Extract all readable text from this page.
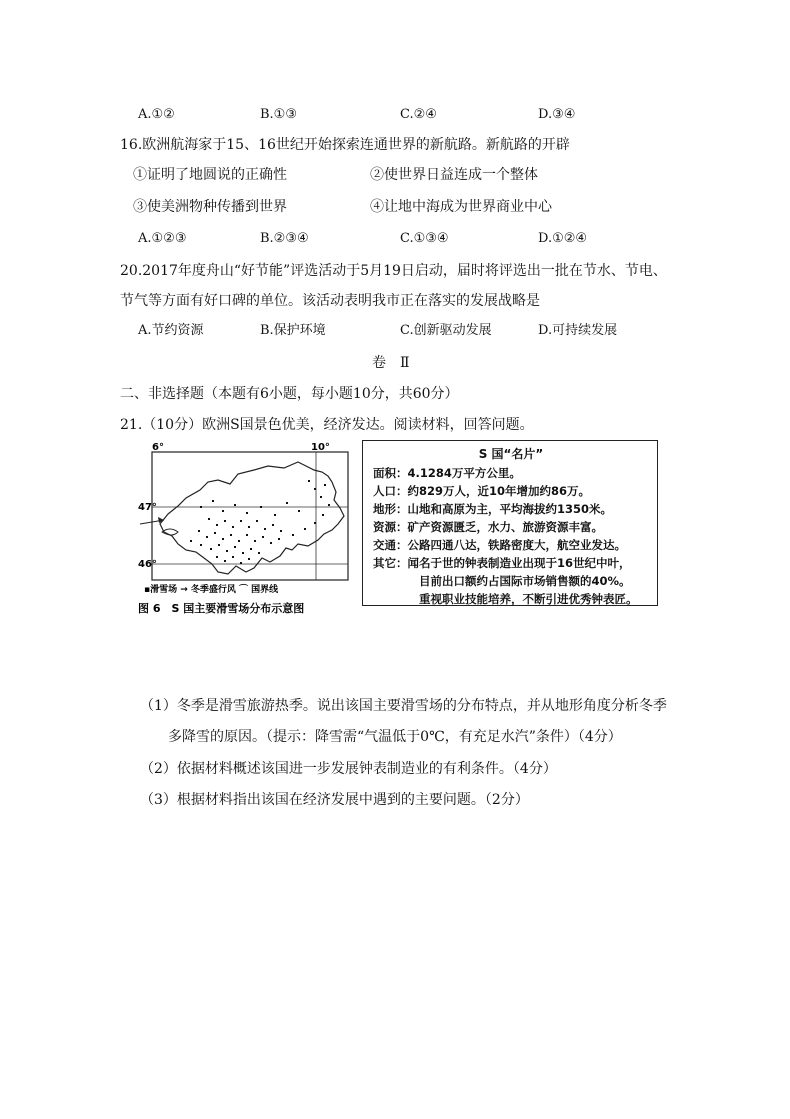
A.①②	B.①③	C.②④	D.③④
16.欧洲航海家于15、16世纪开始探索连通世界的新航路。新航路的开辟
①证明了地圆说的正确性	②使世界日益连成一个整体
③使美洲物种传播到世界	④让地中海成为世界商业中心
A.①②③	B.②③④	C.①③④	D.①②④
20.2017年度舟山“好节能”评选活动于5月19日启动，届时将评选出一批在节水、节电、
节气等方面有好口碑的单位。该活动表明我市正在落实的发展战略是
A.节约资源	B.保护环境	C.创新驱动发展	D.可持续发展
卷　Ⅱ
二、非选择题（本题有6小题，每小题10分，共60分）
21.（10分）欧洲S国景色优美，经济发达。阅读材料，回答问题。
6°	10°
47°
46°
▪滑雪场 → 冬季盛行风 ⌒ 国界线
图 6　S 国主要滑雪场分布示意图
S 国“名片”
面积：4.1284万平方公里。
人口：约829万人，近10年增加约86万。
地形：山地和高原为主，平均海拔约1350米。
资源：矿产资源匮乏，水力、旅游资源丰富。
交通：公路四通八达，铁路密度大，航空业发达。
其它：闻名于世的钟表制造业出现于16世纪中叶，
目前出口额约占国际市场销售额的40%。
重视职业技能培养，不断引进优秀钟表匠。
（1）冬季是滑雪旅游热季。说出该国主要滑雪场的分布特点，并从地形角度分析冬季
多降雪的原因。（提示：降雪需“气温低于0℃，有充足水汽”条件）（4分）
（2）依据材料概述该国进一步发展钟表制造业的有利条件。（4分）
（3）根据材料指出该国在经济发展中遇到的主要问题。（2分）
